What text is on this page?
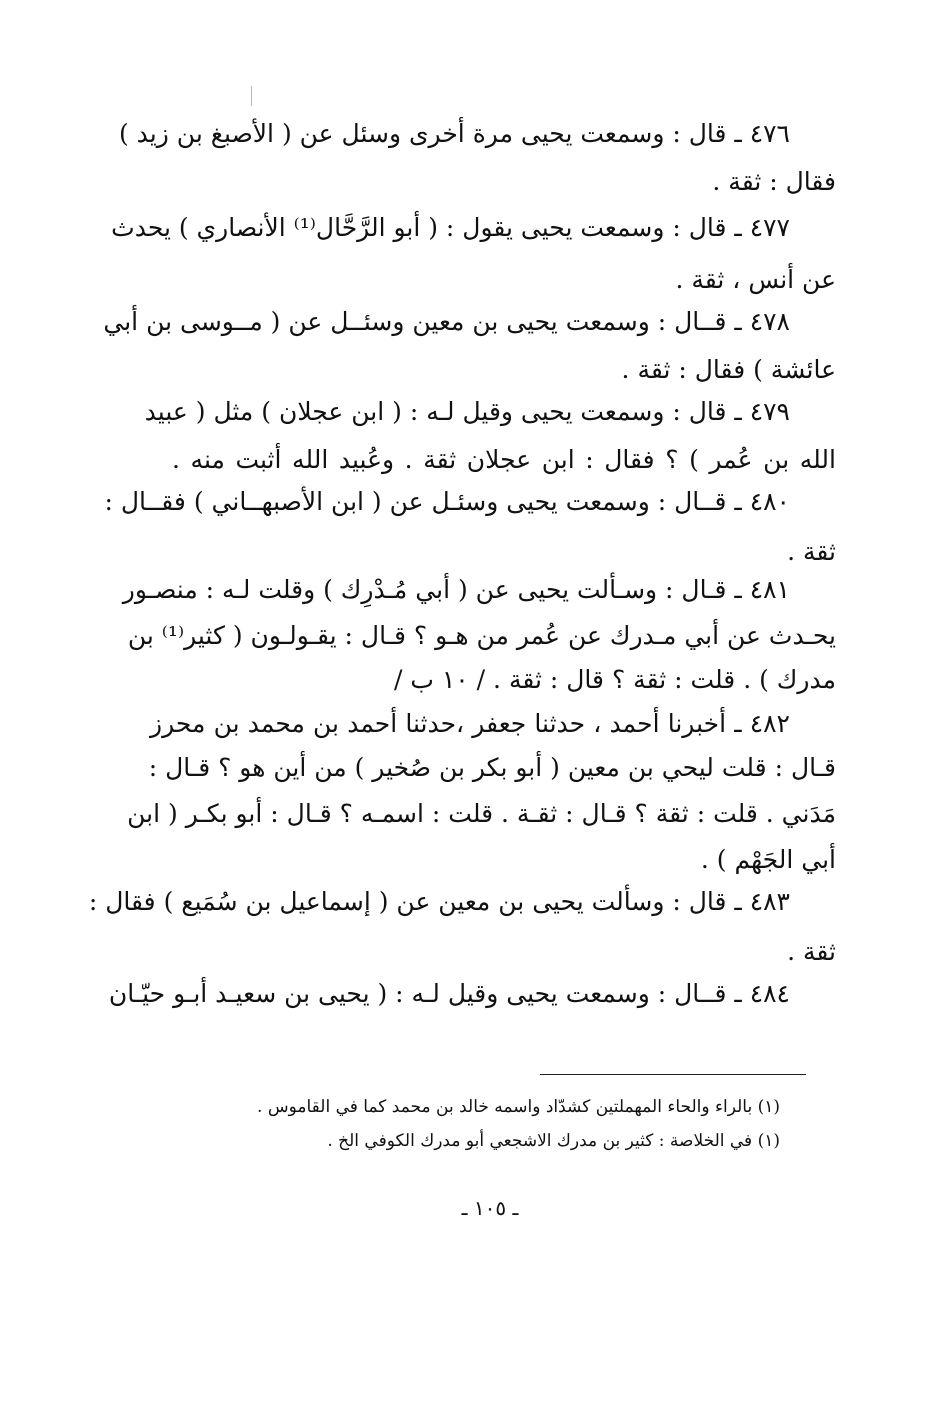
٤٧٦ ـ قال : وسمعت يحيى مرة أخرى وسئل عن ( الأصبغ بن زيد )
فقال : ثقة .
٤٧٧ ـ قال : وسمعت يحيى يقول : ( أبو الرَّحَّال⁽¹⁾ الأنصاري ) يحدث
عن أنس ، ثقة .
٤٧٨ ـ قــال : وسمعت يحيى بن معين وسئــل عن ( مــوسى بن أبي
عائشة ) فقال : ثقة .
٤٧٩ ـ قال : وسمعت يحيى وقيل لـه : ( ابن عجلان ) مثل ( عبيد
الله بن عُمر ) ؟ فقال : ابن عجلان ثقة . وعُبيد الله أثبت منه .
٤٨٠ ـ قــال : وسمعت يحيى وسئـل عن ( ابن الأصبهــاني ) فقــال :
ثقة .
٤٨١ ـ قـال : وسـألت يحيى عن ( أبي مُـدْرِك ) وقلت لـه : منصـور
يحـدث عن أبي مـدرك عن عُمر من هـو ؟ قـال : يقـولـون ( كثير⁽¹⁾ بن
مدرك ) . قلت : ثقة ؟ قال : ثقة . / ١٠ ب /
٤٨٢ ـ أخبرنا أحمد ، حدثنا جعفر ،حدثنا أحمد بن محمد بن محرز
قـال : قلت ليحي بن معين ( أبو بكر بن صُخير ) من أين هو ؟ قـال :
مَدَني . قلت : ثقة ؟ قـال : ثقـة . قلت : اسمـه ؟ قـال : أبو بكـر ( ابن
أبي الجَهْم ) .
٤٨٣ ـ قال : وسألت يحيى بن معين عن ( إسماعيل بن سُمَيع ) فقال :
ثقة .
٤٨٤ ـ قــال : وسمعت يحيى وقيل لـه : ( يحيى بن سعيـد أبـو حيّـان
(١) بالراء والحاء المهملتين كشدّاد واسمه خالد بن محمد كما في القاموس .
(١) في الخلاصة : كثير بن مدرك الاشجعي أبو مدرك الكوفي الخ .
ـ ١٠٥ ـ
